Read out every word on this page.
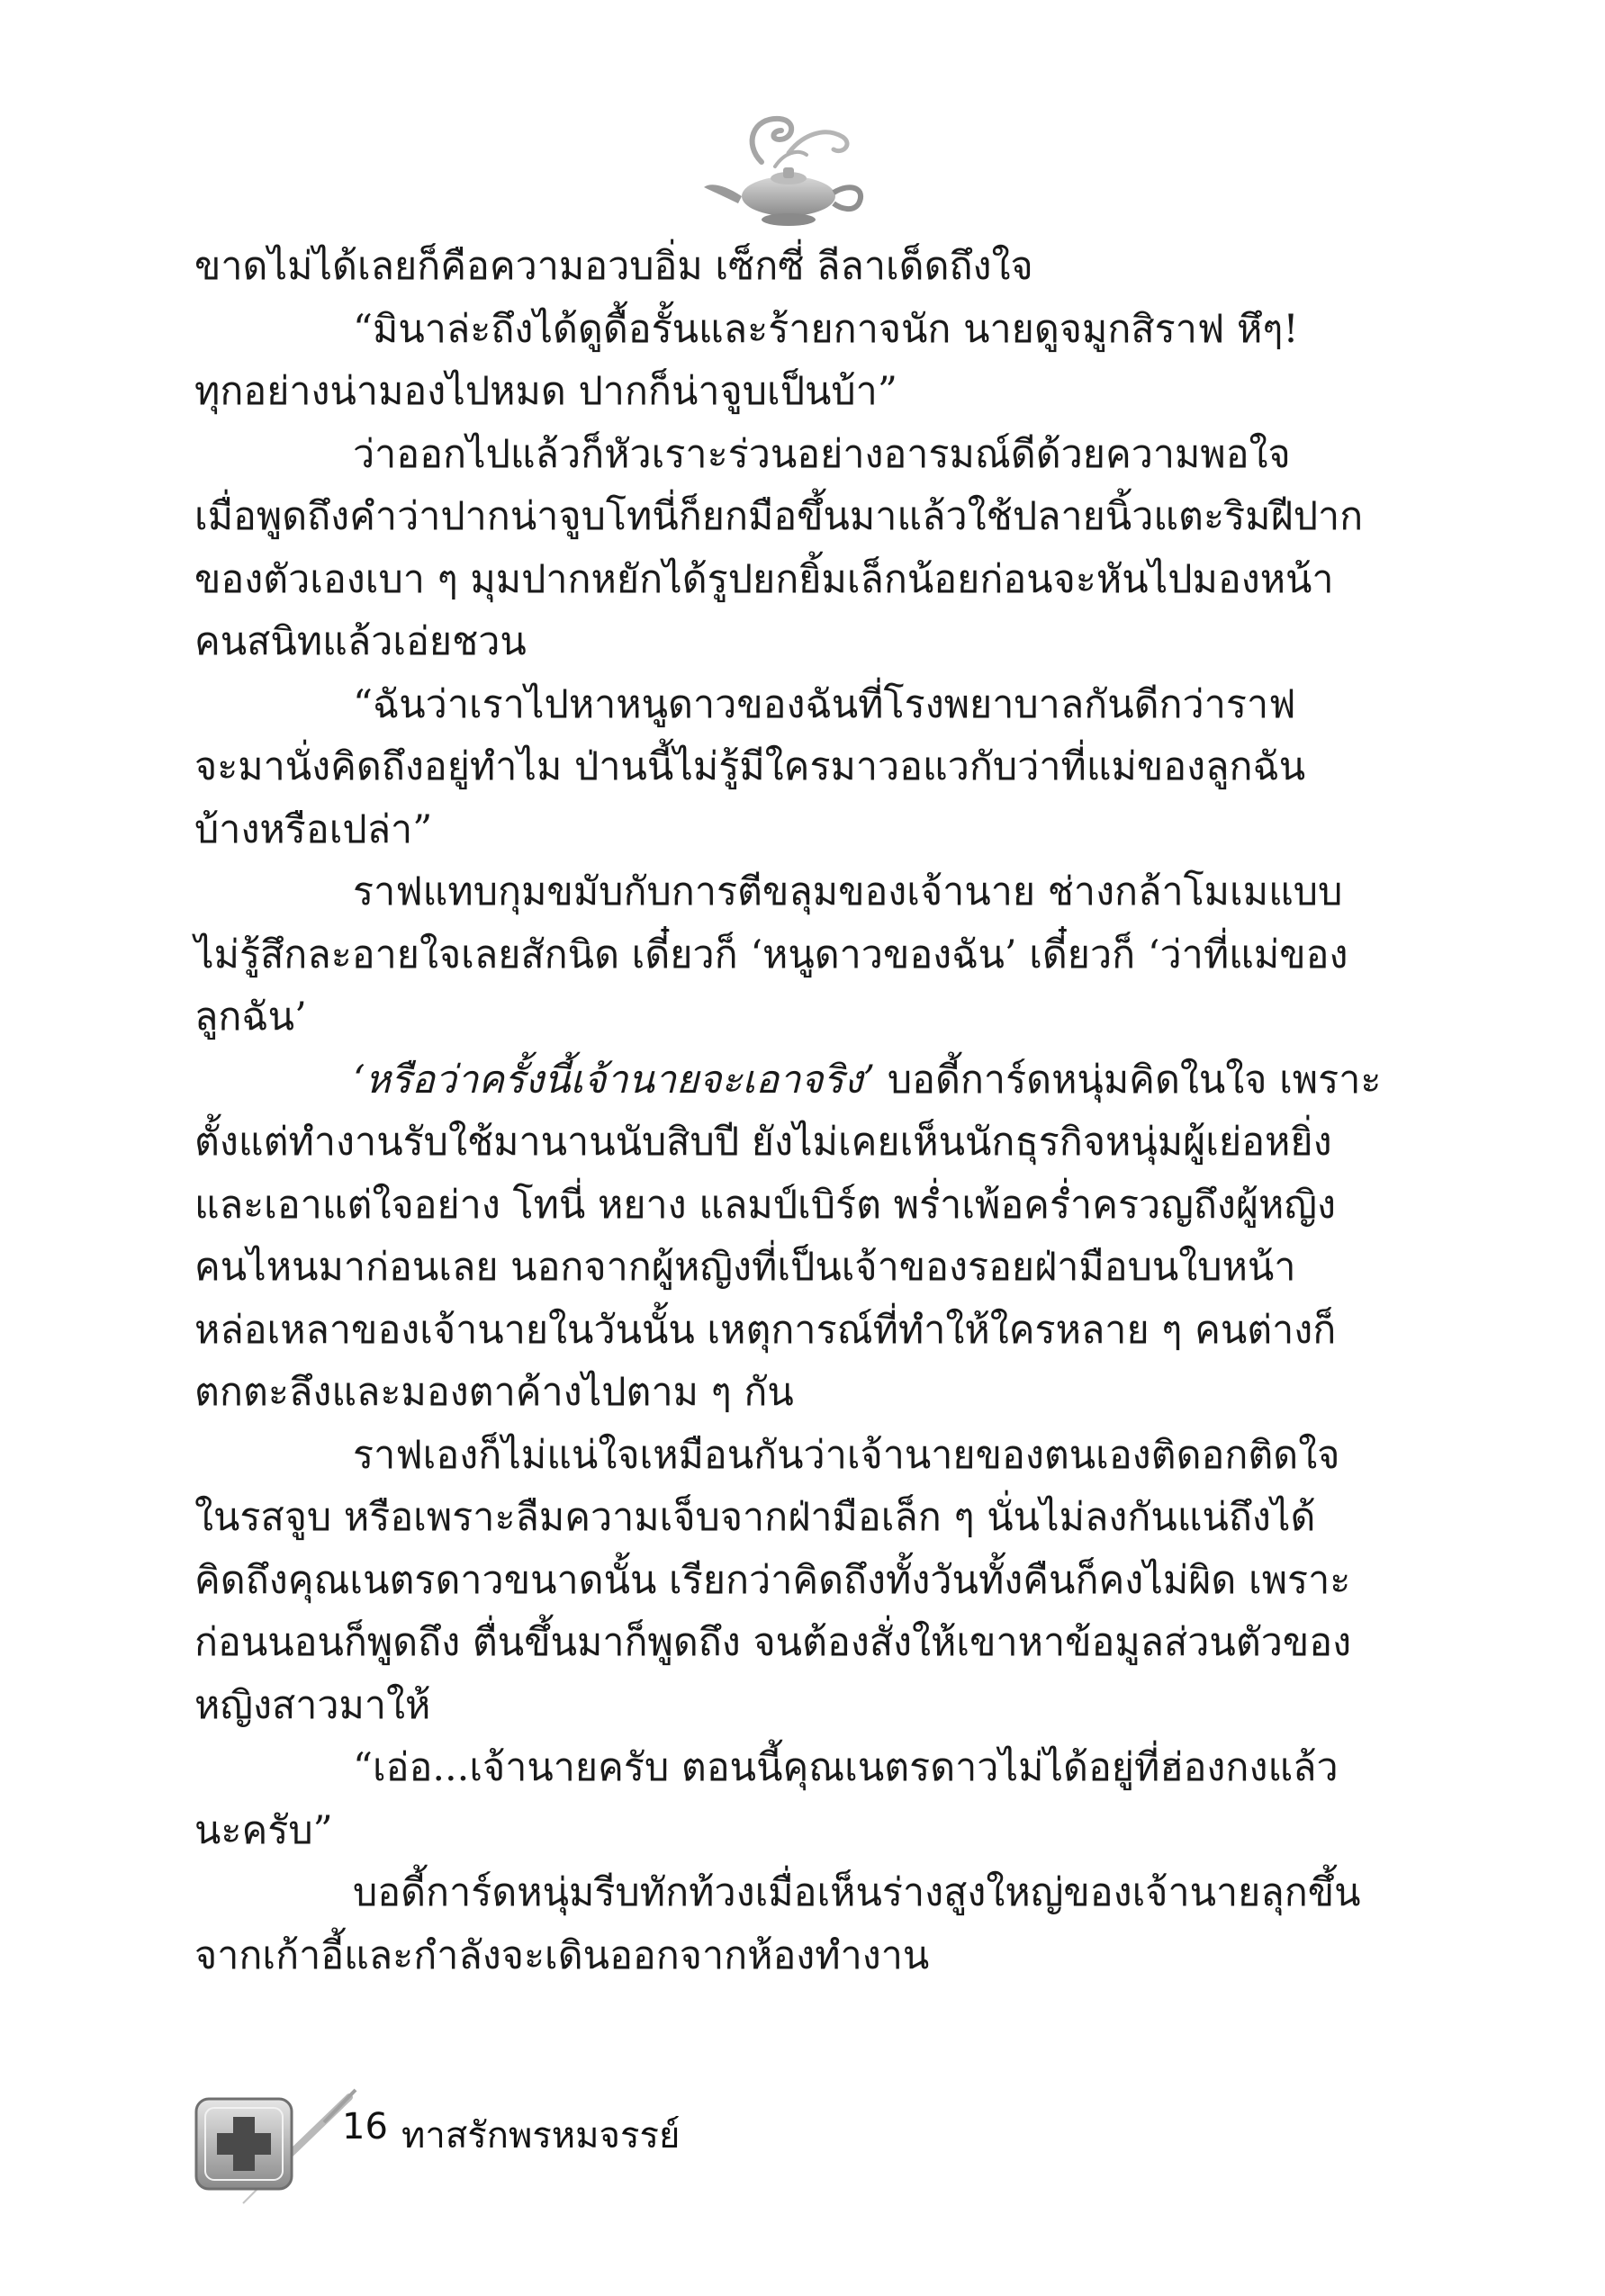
ขาดไม่ได้เลยก็คือความอวบอิ่ม เซ็กซี่ ลีลาเด็ดถึงใจ
“มินาล่ะถึงได้ดูดื้อรั้นและร้ายกาจนัก นายดูจมูกสิราฟ หึๆ!
ทุกอย่างน่ามองไปหมด ปากก็น่าจูบเป็นบ้า”
ว่าออกไปแล้วก็หัวเราะร่วนอย่างอารมณ์ดีด้วยความพอใจ
เมื่อพูดถึงคำว่าปากน่าจูบโทนี่ก็ยกมือขึ้นมาแล้วใช้ปลายนิ้วแตะริมฝีปาก
ของตัวเองเบา ๆ มุมปากหยักได้รูปยกยิ้มเล็กน้อยก่อนจะหันไปมองหน้า
คนสนิทแล้วเอ่ยชวน
“ฉันว่าเราไปหาหนูดาวของฉันที่โรงพยาบาลกันดีกว่าราฟ
จะมานั่งคิดถึงอยู่ทำไม ป่านนี้ไม่รู้มีใครมาวอแวกับว่าที่แม่ของลูกฉัน
บ้างหรือเปล่า”
ราฟแทบกุมขมับกับการตีขลุมของเจ้านาย ช่างกล้าโมเมแบบ
ไม่รู้สึกละอายใจเลยสักนิด เดี๋ยวก็ ‘หนูดาวของฉัน’ เดี๋ยวก็ ‘ว่าที่แม่ของ
ลูกฉัน’
‘หรือว่าครั้งนี้เจ้านายจะเอาจริง’ บอดี้การ์ดหนุ่มคิดในใจ เพราะ
ตั้งแต่ทำงานรับใช้มานานนับสิบปี ยังไม่เคยเห็นนักธุรกิจหนุ่มผู้เย่อหยิ่ง
และเอาแต่ใจอย่าง โทนี่ หยาง แลมป์เบิร์ต พร่ำเพ้อคร่ำครวญถึงผู้หญิง
คนไหนมาก่อนเลย นอกจากผู้หญิงที่เป็นเจ้าของรอยฝ่ามือบนใบหน้า
หล่อเหลาของเจ้านายในวันนั้น เหตุการณ์ที่ทำให้ใครหลาย ๆ คนต่างก็
ตกตะลึงและมองตาค้างไปตาม ๆ กัน
ราฟเองก็ไม่แน่ใจเหมือนกันว่าเจ้านายของตนเองติดอกติดใจ
ในรสจูบ หรือเพราะลืมความเจ็บจากฝ่ามือเล็ก ๆ นั่นไม่ลงกันแน่ถึงได้
คิดถึงคุณเนตรดาวขนาดนั้น เรียกว่าคิดถึงทั้งวันทั้งคืนก็คงไม่ผิด เพราะ
ก่อนนอนก็พูดถึง ตื่นขึ้นมาก็พูดถึง จนต้องสั่งให้เขาหาข้อมูลส่วนตัวของ
หญิงสาวมาให้
“เอ่อ...เจ้านายครับ ตอนนี้คุณเนตรดาวไม่ได้อยู่ที่ฮ่องกงแล้ว
นะครับ”
บอดี้การ์ดหนุ่มรีบทักท้วงเมื่อเห็นร่างสูงใหญ่ของเจ้านายลุกขึ้น
จากเก้าอี้และกำลังจะเดินออกจากห้องทำงาน
16 ทาสรักพรหมจรรย์
